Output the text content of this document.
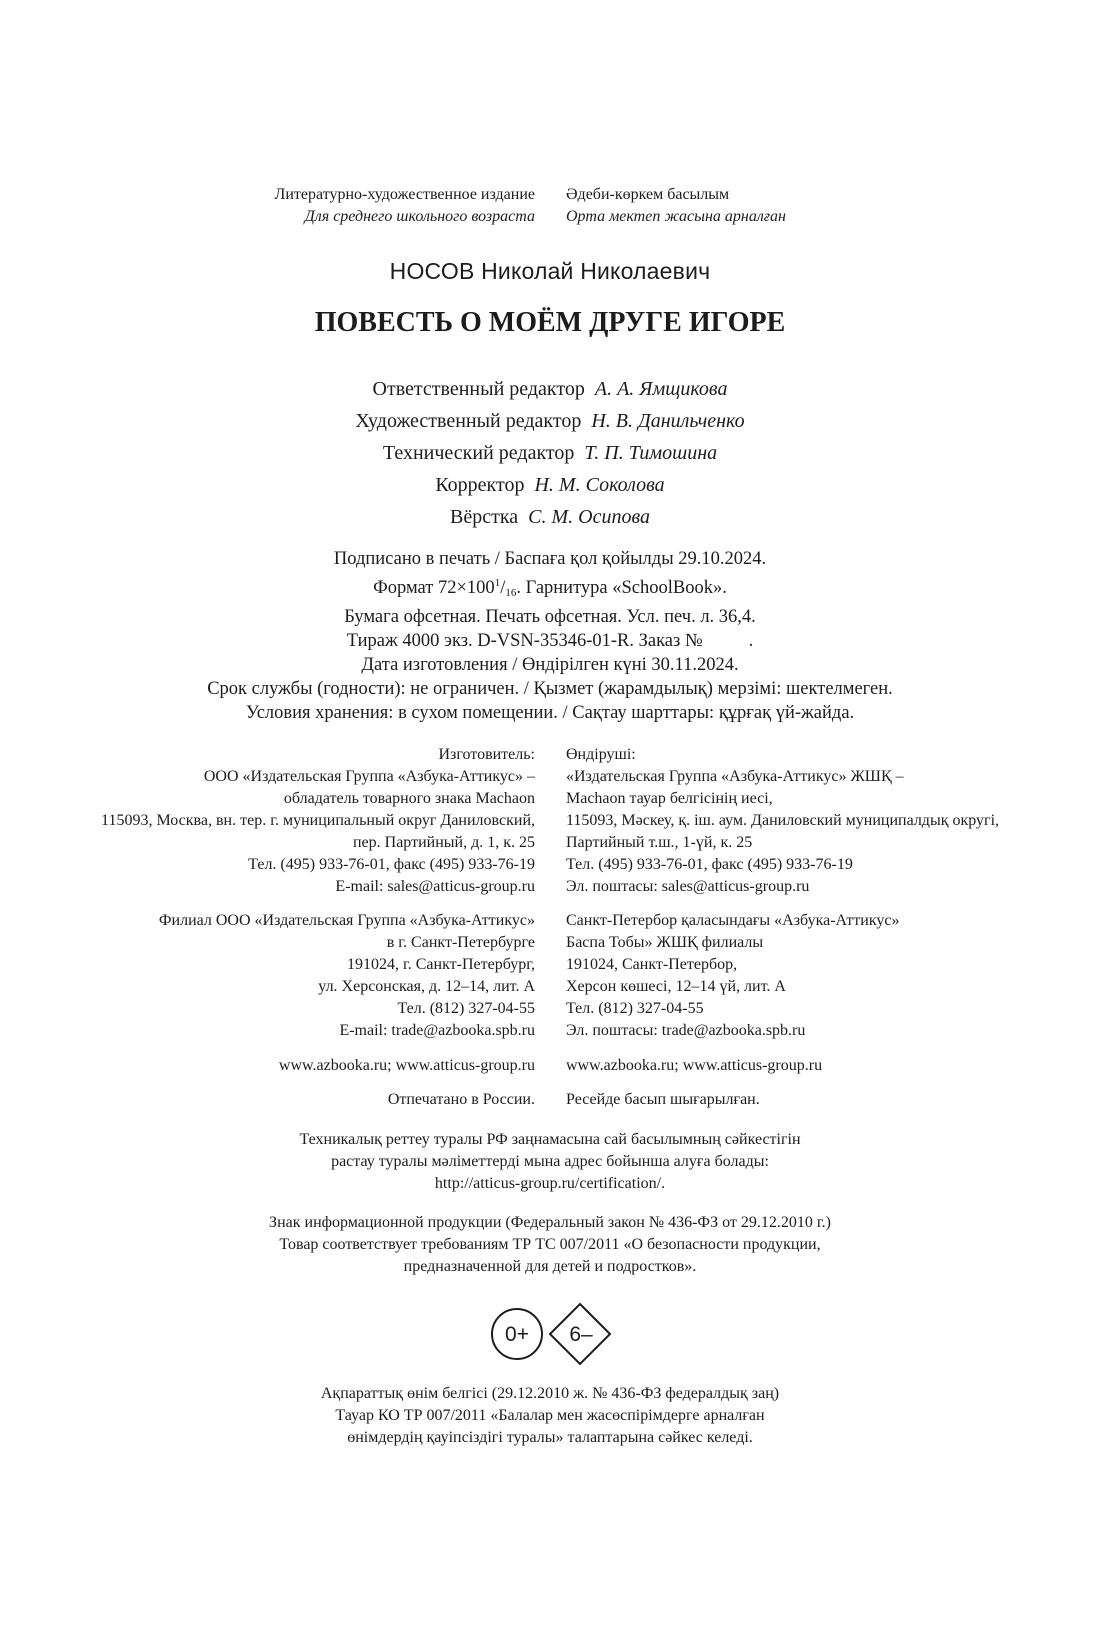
Литературно-художественное издание
Для среднего школьного возраста
Әдеби-көркем басылым
Орта мектеп жасына арналған
НОСОВ Николай Николаевич
ПОВЕСТЬ О МОЁМ ДРУГЕ ИГОРЕ
Ответственный редактор А. А. Ямщикова
Художественный редактор Н. В. Данильченко
Технический редактор Т. П. Тимошина
Корректор Н. М. Соколова
Вёрстка С. М. Осипова
Подписано в печать / Баспаға қол қойылды 29.10.2024.
Формат $72\times 100^1/_{16}$. Гарнитура «SchoolBook».
Бумага офсетная. Печать офсетная. Усл. печ. л. 36,4.
Тираж 4000 экз. D-VSN-35346-01-R. Заказ № .
Дата изготовления / Өндірілген күні 30.11.2024.
Срок службы (годности): не ограничен. / Қызмет (жарамдылық) мерзімі: шектелмеген.
Условия хранения: в сухом помещении. / Сақтау шарттары: құрғақ үй-жайда.
Изготовитель:
ООО «Издательская Группа «Азбука-Аттикус» –
обладатель товарного знака Machaon
115093, Москва, вн. тер. г. муниципальный округ Даниловский,
пер. Партийный, д. 1, к. 25
Тел. (495) 933-76-01, факс (495) 933-76-19
E-mail: sales@atticus-group.ru
Өндіруші:
«Издательская Группа «Азбука-Аттикус» ЖШҚ –
Machaon тауар белгісінің иесі,
115093, Мәскеу, қ. іш. аум. Даниловский муниципалдық округі,
Партийный т.ш., 1-үй, к. 25
Тел. (495) 933-76-01, факс (495) 933-76-19
Эл. поштасы: sales@atticus-group.ru
Филиал ООО «Издательская Группа «Азбука-Аттикус»
в г. Санкт-Петербурге
191024, г. Санкт-Петербург,
ул. Херсонская, д. 12–14, лит. А
Тел. (812) 327-04-55
E-mail: trade@azbooka.spb.ru
Санкт-Петербор қаласындағы «Азбука-Аттикус»
Баспа Тобы» ЖШҚ филиалы
191024, Санкт-Петербор,
Херсон көшесі, 12–14 үй, лит. А
Тел. (812) 327-04-55
Эл. поштасы: trade@azbooka.spb.ru
www.azbooka.ru; www.atticus-group.ru www.azbooka.ru; www.atticus-group.ru
Отпечатано в России. Ресейде басып шығарылған.
Техникалық реттеу туралы РФ заңнамасына сай басылымның сәйкестігін
растау туралы мәліметтерді мына адрес бойынша алуға болады:
http://atticus-group.ru/certification/.
Знак информационной продукции (Федеральный закон № 436-ФЗ от 29.12.2010 г.)
Товар соответствует требованиям ТР ТС 007/2011 «О безопасности продукции,
предназначенной для детей и подростков».
0+ 6–
Ақпараттық өнім белгісі (29.12.2010 ж. № 436-ФЗ федералдық заң)
Тауар КО ТР 007/2011 «Балалар мен жасөспірімдерге арналған
өнімдердің қауіпсіздігі туралы» талаптарына сәйкес келеді.
